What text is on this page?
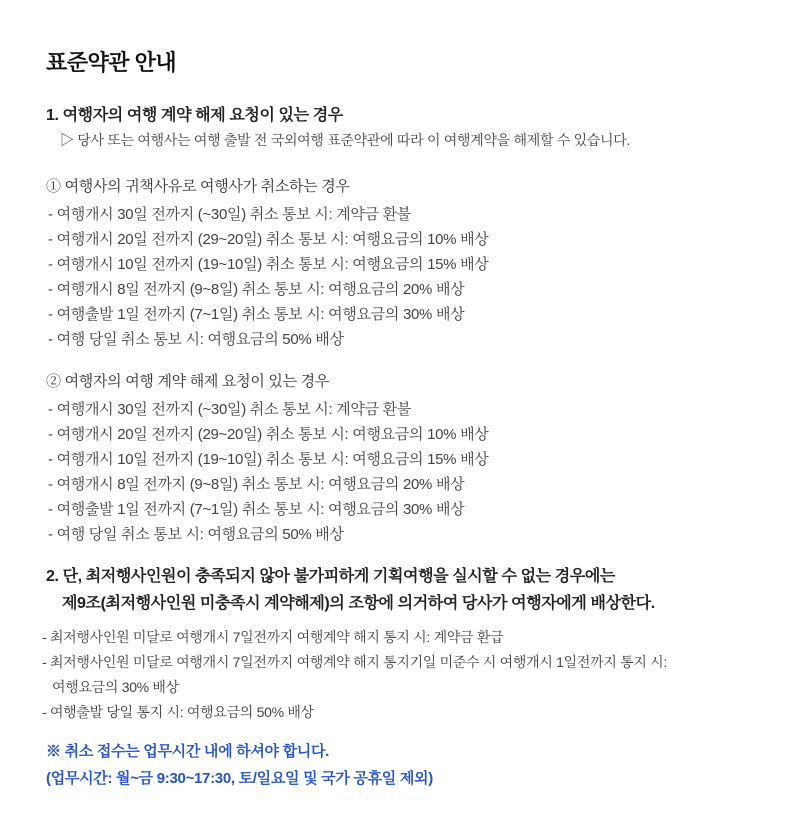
표준약관 안내
1. 여행자의 여행 계약 해제 요청이 있는 경우
▷ 당사 또는 여행사는 여행 출발 전 국외여행 표준약관에 따라 이 여행계약을 해제할 수 있습니다.
① 여행사의 귀책사유로 여행사가 취소하는 경우
- 여행개시 30일 전까지 (~30일) 취소 통보 시: 계약금 환불
- 여행개시 20일 전까지 (29~20일) 취소 통보 시: 여행요금의 10% 배상
- 여행개시 10일 전까지 (19~10일) 취소 통보 시: 여행요금의 15% 배상
- 여행개시 8일 전까지 (9~8일) 취소 통보 시: 여행요금의 20% 배상
- 여행출발 1일 전까지 (7~1일) 취소 통보 시: 여행요금의 30% 배상
- 여행 당일 취소 통보 시: 여행요금의 50% 배상
② 여행자의 여행 계약 해제 요청이 있는 경우
- 여행개시 30일 전까지 (~30일) 취소 통보 시: 계약금 환불
- 여행개시 20일 전까지 (29~20일) 취소 통보 시: 여행요금의 10% 배상
- 여행개시 10일 전까지 (19~10일) 취소 통보 시: 여행요금의 15% 배상
- 여행개시 8일 전까지 (9~8일) 취소 통보 시: 여행요금의 20% 배상
- 여행출발 1일 전까지 (7~1일) 취소 통보 시: 여행요금의 30% 배상
- 여행 당일 취소 통보 시: 여행요금의 50% 배상
2. 단, 최저행사인원이 충족되지 않아 불가피하게 기획여행을 실시할 수 없는 경우에는
제9조(최저행사인원 미충족시 계약해제)의 조항에 의거하여 당사가 여행자에게 배상한다.
- 최저행사인원 미달로 여행개시 7일전까지 여행계약 해지 통지 시: 계약금 환급
- 최저행사인원 미달로 여행개시 7일전까지 여행계약 해지 통지기일 미준수 시 여행개시 1일전까지 통지 시:
여행요금의 30% 배상
- 여행출발 당일 통지 시: 여행요금의 50% 배상
※ 취소 접수는 업무시간 내에 하셔야 합니다.
(업무시간: 월~금 9:30~17:30, 토/일요일 및 국가 공휴일 제외)
